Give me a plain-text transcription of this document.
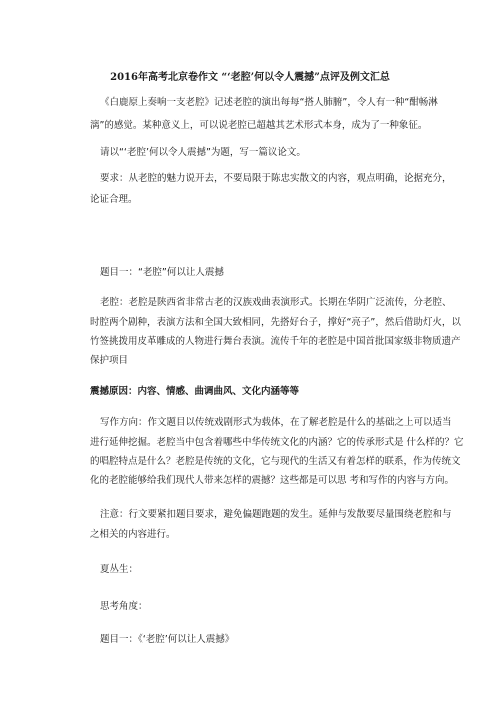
2016年高考北京卷作文 “‘老腔’何以令人震撼”点评及例文汇总
《白鹿原上奏响一支老腔》记述老腔的演出每每“搭人肺腑”，令人有一种“酣畅淋
漓”的感觉。某种意义上，可以说老腔已超越其艺术形式本身，成为了一种象征。
请以“‘老腔’何以令人震撼”为题，写一篇议论文。
要求：从老腔的魅力说开去，不要局限于陈忠实散文的内容，观点明确，论据充分，
论证合理。
题目一：“老腔”何以让人震撼
老腔：老腔是陕西省非常古老的汉族戏曲表演形式。长期在华阴广泛流传，分老腔、
时腔两个剧种，表演方法和全国大致相同，先搭好台子，撑好“亮子”，然后借助灯火，以
竹签挑拨用皮革雕成的人物进行舞台表演。流传千年的老腔是中国首批国家级非物质遗产
保护项目
震撼原因：内容、情感、曲调曲风、文化内涵等等
写作方向：作文题目以传统戏剧形式为载体，在了解老腔是什么的基础之上可以适当
进行延伸挖掘。老腔当中包含着哪些中华传统文化的内涵？它的传承形式是 什么样的？它
的唱腔特点是什么？老腔是传统的文化，它与现代的生活又有着怎样的联系，作为传统文
化的老腔能够给我们现代人带来怎样的震撼？这些都是可以思 考和写作的内容与方向。
注意：行文要紧扣题目要求，避免偏题跑题的发生。延伸与发散要尽量围绕老腔和与
之相关的内容进行。
夏丛生：
思考角度：
题目一：《‘老腔’何以让人震撼》
